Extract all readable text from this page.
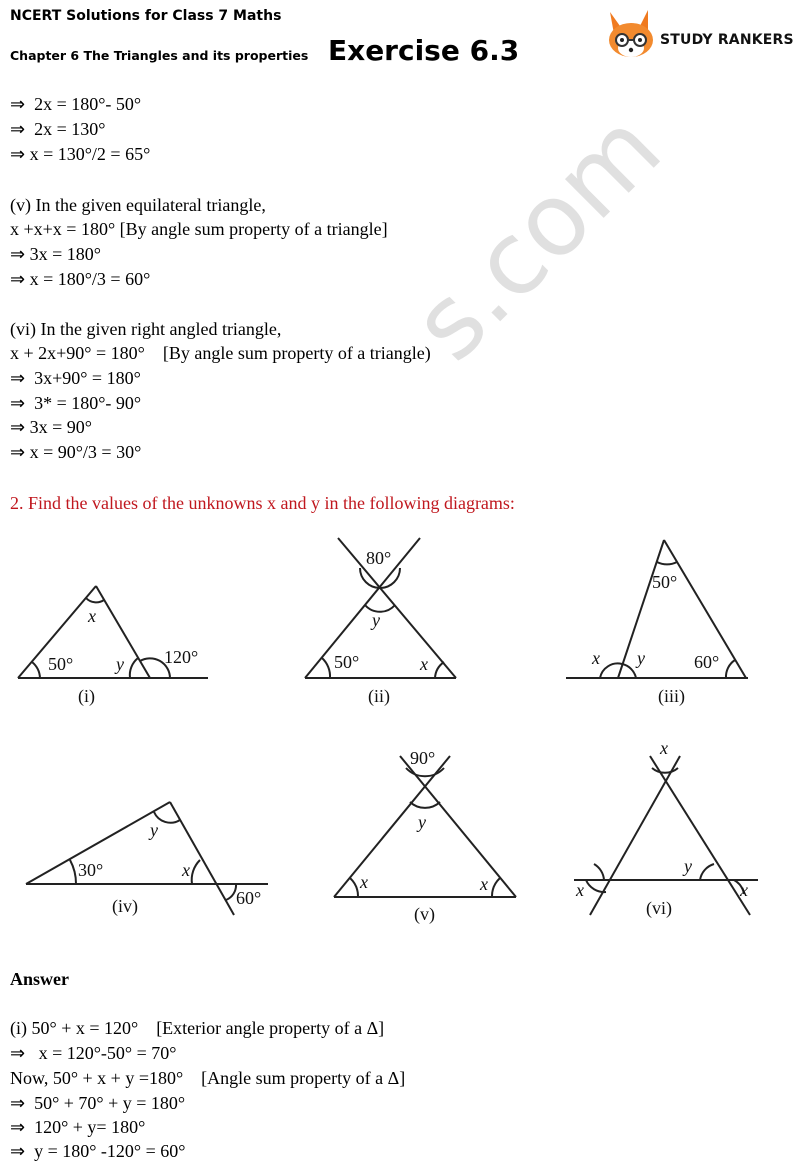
NCERT Solutions for Class 7 Maths
Chapter 6 The Triangles and its properties Exercise 6.3	STUDY RANKERS
s.com
⇒  2x = 180°- 50°
⇒  2x = 130°
⇒ x = 130°/2 = 65°
(v) In the given equilateral triangle,
x +x+x = 180° [By angle sum property of a triangle]
⇒ 3x = 180°
⇒ x = 180°/3 = 60°
(vi) In the given right angled triangle,
x + 2x+90° = 180°    [By angle sum property of a triangle)
⇒  3x+90° = 180°
⇒  3* = 180°- 90°
⇒ 3x = 90°
⇒ x = 90°/3 = 30°
2. Find the values of the unknowns x and y in the following diagrams:
x
50° y 120°
(i)
80°
y
50°	x
(ii)
50°
x y	60°
(iii)
30°
y
x
60°
(iv)
90°
y
x	x
(v)
x
y
x	x
(vi)
Answer
(i) 50° + x = 120°    [Exterior angle property of a Δ]
⇒   x = 120°-50° = 70°
Now, 50° + x + y =180°    [Angle sum property of a Δ]
⇒  50° + 70° + y = 180°
⇒  120° + y= 180°
⇒  y = 180° -120° = 60°
